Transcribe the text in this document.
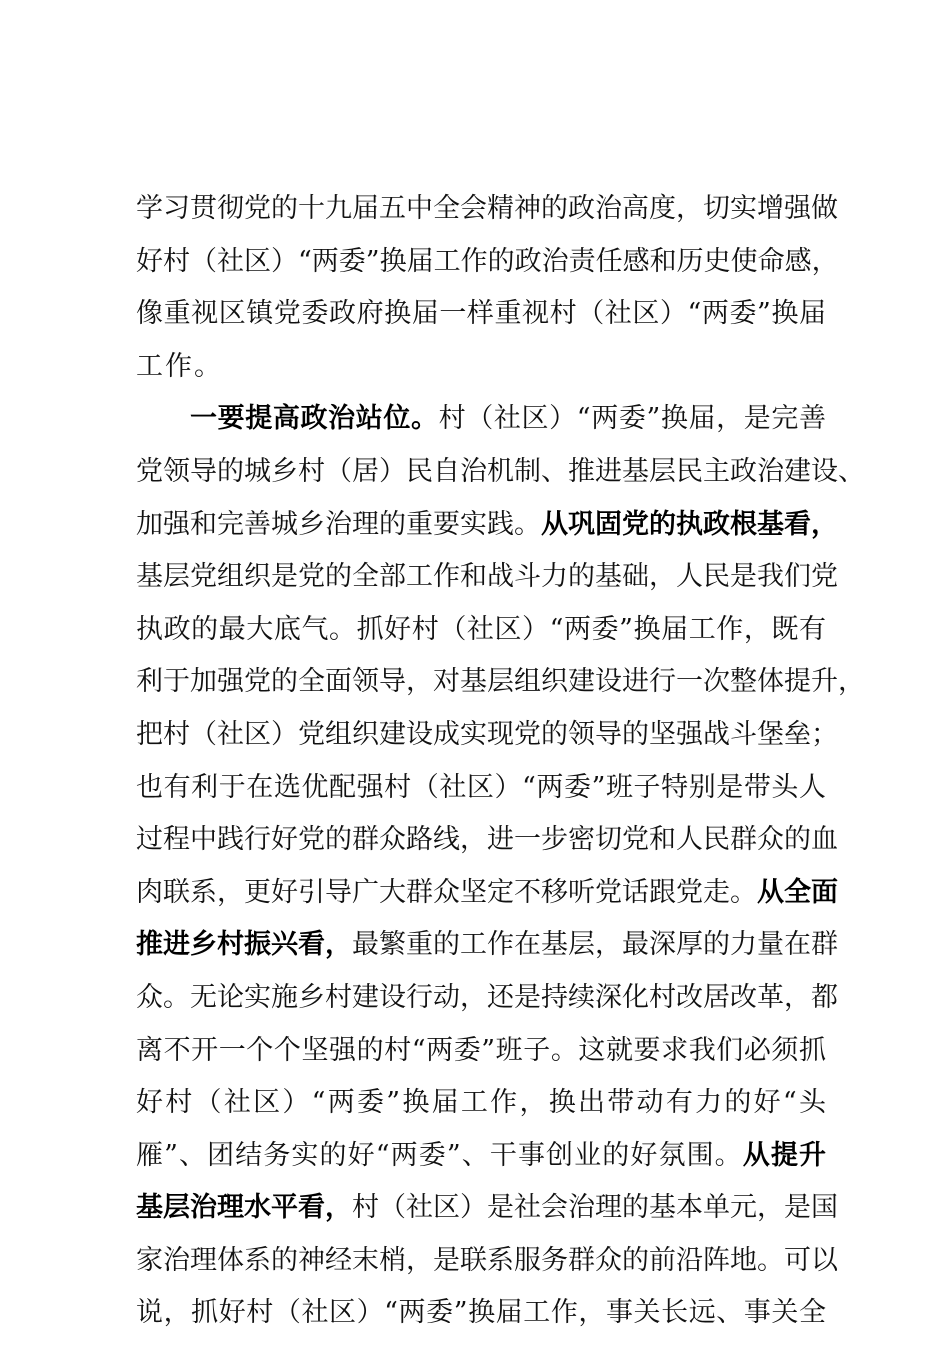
学习贯彻党的十九届五中全会精神的政治高度，切实增强做
好村（社区）“两委”换届工作的政治责任感和历史使命感，
像重视区镇党委政府换届一样重视村（社区）“两委”换届
工作。
一要提高政治站位。村（社区）“两委”换届，是完善
党领导的城乡村（居）民自治机制、推进基层民主政治建设、
加强和完善城乡治理的重要实践。从巩固党的执政根基看，
基层党组织是党的全部工作和战斗力的基础，人民是我们党
执政的最大底气。抓好村（社区）“两委”换届工作，既有
利于加强党的全面领导，对基层组织建设进行一次整体提升，
把村（社区）党组织建设成实现党的领导的坚强战斗堡垒；
也有利于在选优配强村（社区）“两委”班子特别是带头人
过程中践行好党的群众路线，进一步密切党和人民群众的血
肉联系，更好引导广大群众坚定不移听党话跟党走。从全面
推进乡村振兴看，最繁重的工作在基层，最深厚的力量在群
众。无论实施乡村建设行动，还是持续深化村改居改革，都
离不开一个个坚强的村“两委”班子。这就要求我们必须抓
好村（社区）“两委”换届工作，换出带动有力的好“头
雁”、团结务实的好“两委”、干事创业的好氛围。从提升
基层治理水平看，村（社区）是社会治理的基本单元，是国
家治理体系的神经末梢，是联系服务群众的前沿阵地。可以
说，抓好村（社区）“两委”换届工作，事关长远、事关全
